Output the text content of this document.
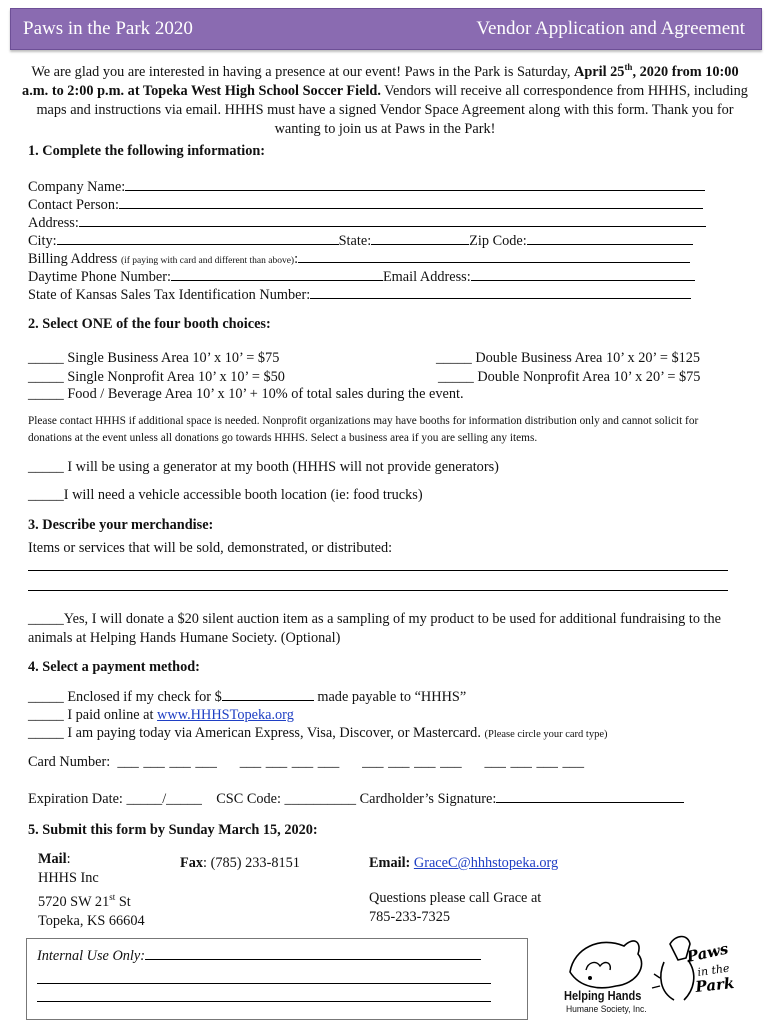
Paws in the Park 2020	Vendor Application and Agreement
We are glad you are interested in having a presence at our event! Paws in the Park is Saturday, April 25th, 2020 from 10:00 a.m. to 2:00 p.m. at Topeka West High School Soccer Field. Vendors will receive all correspondence from HHHS, including maps and instructions via email. HHHS must have a signed Vendor Space Agreement along with this form. Thank you for wanting to join us at Paws in the Park!
1. Complete the following information:
Company Name:
Contact Person:
Address:
City:	State:	Zip Code:
Billing Address (if paying with card and different than above):
Daytime Phone Number:	Email Address:
State of Kansas Sales Tax Identification Number:
2. Select ONE of the four booth choices:
_____ Single Business Area 10’ x 10’ = $75	_____ Double Business Area 10’ x 20’ = $125
_____ Single Nonprofit Area 10’ x 10’ = $50	_____ Double Nonprofit Area 10’ x 20’ = $75
_____ Food / Beverage Area 10’ x 10’ + 10% of total sales during the event.
Please contact HHHS if additional space is needed. Nonprofit organizations may have booths for information distribution only and cannot solicit for donations at the event unless all donations go towards HHHS. Select a business area if you are selling any items.
_____ I will be using a generator at my booth (HHHS will not provide generators)
_____I will need a vehicle accessible booth location (ie: food trucks)
3. Describe your merchandise:
Items or services that will be sold, demonstrated, or distributed:
_____Yes, I will donate a $20 silent auction item as a sampling of my product to be used for additional fundraising to the animals at Helping Hands Humane Society. (Optional)
4. Select a payment method:
_____ Enclosed if my check for $	made payable to “HHHS”
_____ I paid online at www.HHHSTopeka.org
_____ I am paying today via American Express, Visa, Discover, or Mastercard. (Please circle your card type)
Card Number: ___ ___ ___ ___     ___ ___ ___ ___     ___ ___ ___ ___     ___ ___ ___ ___
Expiration Date: _____/_____ CSC Code: __________ Cardholder’s Signature:
5. Submit this form by Sunday March 15, 2020:
Mail:
HHHS Inc
5720 SW 21st St
Topeka, KS 66604
Fax: (785) 233-8151	Email: GraceC@hhhstopeka.org
Questions please call Grace at
785-233-7325
Internal Use Only:	Paws
in the
Park
Helping Hands
Humane Society, Inc.
